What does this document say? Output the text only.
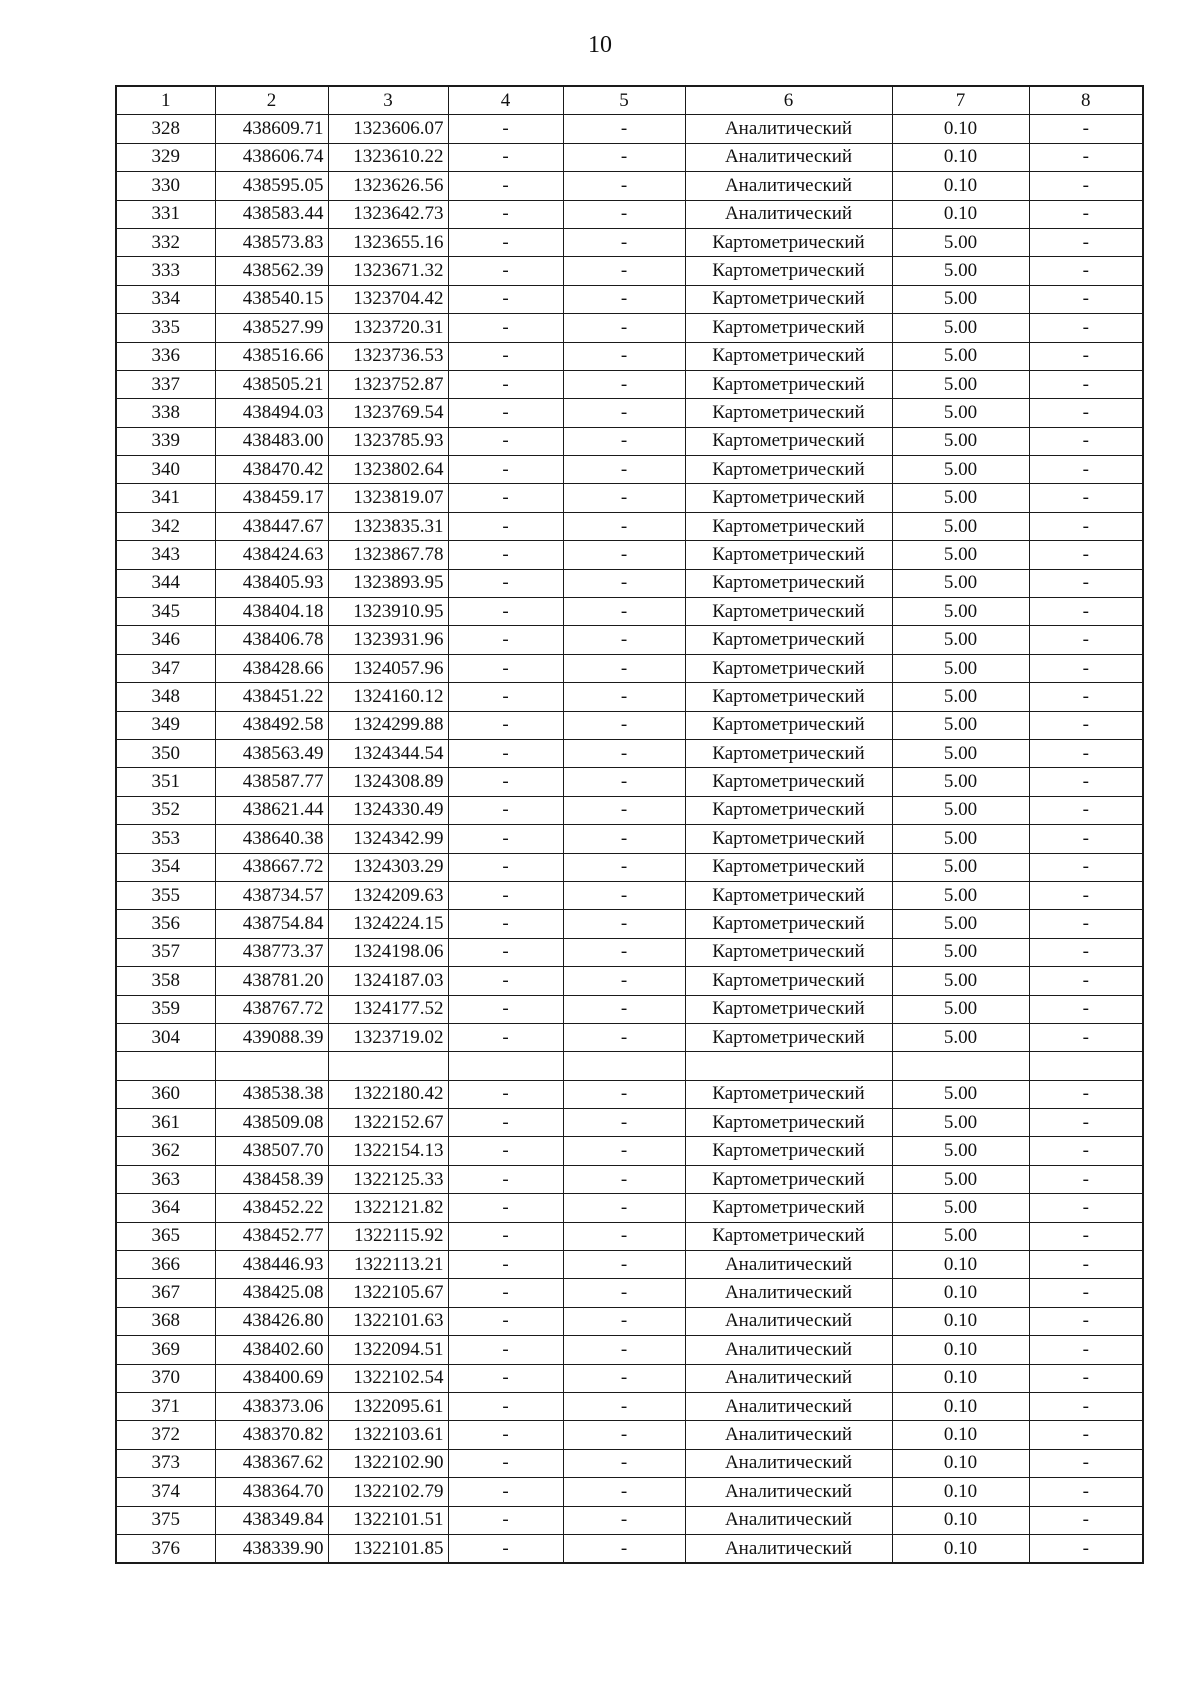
10
1	2	3	4	5	6	7	8
328	438609.71	1323606.07	-	-	Аналитический	0.10	-
329	438606.74	1323610.22	-	-	Аналитический	0.10	-
330	438595.05	1323626.56	-	-	Аналитический	0.10	-
331	438583.44	1323642.73	-	-	Аналитический	0.10	-
332	438573.83	1323655.16	-	-	Картометрический	5.00	-
333	438562.39	1323671.32	-	-	Картометрический	5.00	-
334	438540.15	1323704.42	-	-	Картометрический	5.00	-
335	438527.99	1323720.31	-	-	Картометрический	5.00	-
336	438516.66	1323736.53	-	-	Картометрический	5.00	-
337	438505.21	1323752.87	-	-	Картометрический	5.00	-
338	438494.03	1323769.54	-	-	Картометрический	5.00	-
339	438483.00	1323785.93	-	-	Картометрический	5.00	-
340	438470.42	1323802.64	-	-	Картометрический	5.00	-
341	438459.17	1323819.07	-	-	Картометрический	5.00	-
342	438447.67	1323835.31	-	-	Картометрический	5.00	-
343	438424.63	1323867.78	-	-	Картометрический	5.00	-
344	438405.93	1323893.95	-	-	Картометрический	5.00	-
345	438404.18	1323910.95	-	-	Картометрический	5.00	-
346	438406.78	1323931.96	-	-	Картометрический	5.00	-
347	438428.66	1324057.96	-	-	Картометрический	5.00	-
348	438451.22	1324160.12	-	-	Картометрический	5.00	-
349	438492.58	1324299.88	-	-	Картометрический	5.00	-
350	438563.49	1324344.54	-	-	Картометрический	5.00	-
351	438587.77	1324308.89	-	-	Картометрический	5.00	-
352	438621.44	1324330.49	-	-	Картометрический	5.00	-
353	438640.38	1324342.99	-	-	Картометрический	5.00	-
354	438667.72	1324303.29	-	-	Картометрический	5.00	-
355	438734.57	1324209.63	-	-	Картометрический	5.00	-
356	438754.84	1324224.15	-	-	Картометрический	5.00	-
357	438773.37	1324198.06	-	-	Картометрический	5.00	-
358	438781.20	1324187.03	-	-	Картометрический	5.00	-
359	438767.72	1324177.52	-	-	Картометрический	5.00	-
304	439088.39	1323719.02	-	-	Картометрический	5.00	-

360	438538.38	1322180.42	-	-	Картометрический	5.00	-
361	438509.08	1322152.67	-	-	Картометрический	5.00	-
362	438507.70	1322154.13	-	-	Картометрический	5.00	-
363	438458.39	1322125.33	-	-	Картометрический	5.00	-
364	438452.22	1322121.82	-	-	Картометрический	5.00	-
365	438452.77	1322115.92	-	-	Картометрический	5.00	-
366	438446.93	1322113.21	-	-	Аналитический	0.10	-
367	438425.08	1322105.67	-	-	Аналитический	0.10	-
368	438426.80	1322101.63	-	-	Аналитический	0.10	-
369	438402.60	1322094.51	-	-	Аналитический	0.10	-
370	438400.69	1322102.54	-	-	Аналитический	0.10	-
371	438373.06	1322095.61	-	-	Аналитический	0.10	-
372	438370.82	1322103.61	-	-	Аналитический	0.10	-
373	438367.62	1322102.90	-	-	Аналитический	0.10	-
374	438364.70	1322102.79	-	-	Аналитический	0.10	-
375	438349.84	1322101.51	-	-	Аналитический	0.10	-
376	438339.90	1322101.85	-	-	Аналитический	0.10	-
